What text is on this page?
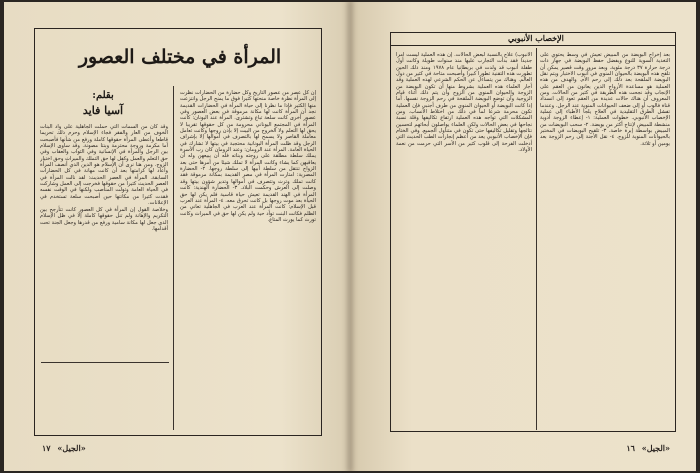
المرأة في مختلف العصور
بقلم:
آسيا فايد

إن كل عصر من عصور التاريخ وكل حضارة من الحضارات نظرت إلى المرأة نظرة خاصة منحتها كثيرا فوق ما يمنح الرجل وانتزعت منها الكثير فإذا ما نظرنا إلى حياة المرأة في الحضارات القديمة نجد أن المرأة كانت لها مكانة مرموقة في بعض العصور وفي عصور أخرى كانت سلعة تباع وتشترى. المرأة عند اليونان: كانت المرأة في المجتمع اليوناني محرومة من كل حقوقها تقريبا لا يحق لها التعلم ولا الخروج من البيت إلا بإذن زوجها وكانت تعامل معاملة القاصر ولا يسمح لها بالتصرف في أموالها إلا بإشراف الرجل وقد ظلت المرأة اليونانية محتجبة في بيتها لا تشارك في الحياة العامة. المرأة عند الرومان: وعند الرومان كان رب الأسرة يملك سلطة مطلقة على زوجته وبناته فله أن يبيعهن وله أن يعاقبهن كما يشاء وكانت المرأة لا تملك شيئا من أمرها حتى بعد الزواج تنتقل من سلطة أبيها إلى سلطة زوجها. ٢- الحضارة المصرية: امتازت المرأة في مصر القديمة بمكانة مرموقة فقد كانت تملك وترث وتتصرف في أموالها وتدير شؤون بيتها وقد وصلت إلى العرش وحكمت البلاد. ٣- الحضارة الهندية: كانت المرأة في الهند القديمة تعيش حياة قاسية فلم يكن لها حق الحياة بعد موت زوجها بل كانت تحرق معه. ٤- المرأة عند العرب قبل الإسلام: كانت المرأة عند العرب في الجاهلية تعاني من الظلم فكانت البنت توأد حية ولم يكن لها حق في الميراث وكانت تورث كما يورث المتاع.

وقد كان من السمات التي حملت الجاهلية على وأد البنات الخوف من العار والفقر فجاء الإسلام وحرم ذلك تحريما قاطعا وأعطى المرأة حقوقها كاملة ورفع من شأنها فأصبحت أما مكرمة وزوجة محترمة وبنتا مصونة. وقد ساوى الإسلام بين الرجل والمرأة في الإنسانية وفي الثواب والعقاب وفي حق التعلم والعمل وكفل لها حق التملك والميراث وحق اختيار الزوج. ومن هنا نرى أن الإسلام هو الدين الذي أنصف المرأة وأعاد لها كرامتها بعد أن كانت مهانة في كل الحضارات السابقة. المرأة في العصر الحديث: لقد نالت المرأة في العصر الحديث كثيرا من حقوقها فخرجت إلى العمل وشاركت في الحياة العامة وتولت المناصب ولكنها في الوقت نفسه فقدت كثيرا من مكانتها حين أصبحت سلعة تستخدم في الإعلانات.

وخلاصة القول إن المرأة في كل العصور كانت تتأرجح بين التكريم والإهانة ولم تنل حقوقها كاملة إلا في ظل الإسلام الذي جعل لها مكانة سامية ورفع من قدرها وجعل الجنة تحت أقدامها.

«الجيل» ١٧
الإخصاب الأنبوبي

بعد إخراج البويضة من المبيض تعيش في وسط يحتوي على التغذية السوية للنوع ويفضل حفظ البويضة في جهاز ذات درجة حرارة ٣٧ درجة مئوية. وبعد مرور وقت قصير يمكن أن تلقح هذه البويضة بالحيوان المنوي في أنبوب الاختبار ويتم نقل البويضة الملقحة بعد ذلك إلى رحم الأم. والهدف من هذه العملية هو مساعدة الأزواج الذين يعانون من العقم على الإنجاب وقد نجحت هذه الطريقة في كثير من الحالات. ومن المعروف أن هناك حالات عديدة من العقم تعود إلى انسداد قناة فالوب أو إلى ضعف الحيوانات المنوية عند الرجل. وعندما تفشل الطرق التقليدية في العلاج يلجأ الأطباء إلى عملية الإخصاب الأنبوبي. خطوات العملية: ١- إعطاء الزوجة أدوية منشطة للمبيض لإنتاج أكثر من بويضة. ٢- سحب البويضات من المبيض بواسطة إبرة خاصة. ٣- تلقيح البويضات في المختبر بالحيوانات المنوية للزوج. ٤- نقل الأجنة إلى رحم الزوجة بعد يومين أو ثلاثة.

الأنبوب) علاج بالنسبة لبعض الحالات. إن هذه العملية ليست أمرا جديدا فقد بدأت التجارب عليها منذ سنوات طويلة وكانت أول طفلة أنبوب قد ولدت في بريطانيا عام ١٩٧٨ ومنذ ذلك الحين تطورت هذه التقنية تطورا كبيرا وأصبحت متاحة في كثير من دول العالم. وهناك من يتساءل عن الحكم الشرعي لهذه العملية وقد أجاز العلماء هذه العملية بشروط منها أن تكون البويضة من الزوجة والحيوان المنوي من الزوج وأن يتم ذلك أثناء قيام الزوجية وأن توضع البويضة الملقحة في رحم الزوجة نفسها. أما إذا كانت البويضة أو الحيوان المنوي من طرف أجنبي فإن العملية تكون محرمة شرعا لما في ذلك من اختلاط الأنساب. ومن المشكلات التي تواجه هذه العملية ارتفاع تكاليفها وقلة نسبة نجاحها في بعض الحالات ولكن العلماء يواصلون أبحاثهم لتحسين نتائجها وتقليل تكاليفها حتى تكون في متناول الجميع. وفي الختام فإن الإخصاب الأنبوبي يعد من أعظم إنجازات الطب الحديث التي أدخلت الفرحة إلى قلوب كثير من الأسر التي حرمت من نعمة الأولاد.

«الجيل» ١٦
